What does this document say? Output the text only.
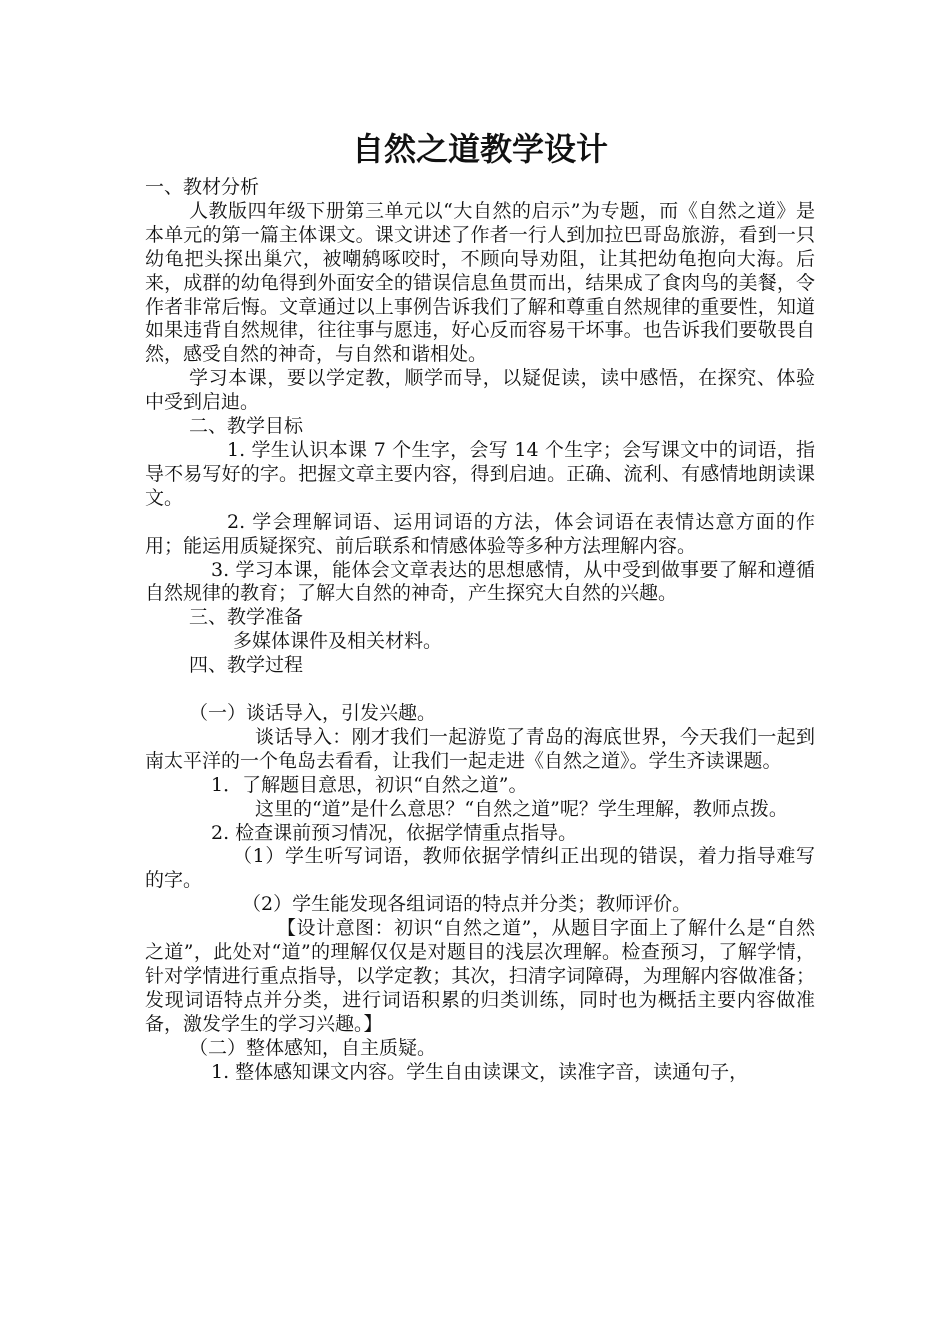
自然之道教学设计

一、教材分析

人教版四年级下册第三单元以“大自然的启示”为专题，而《自然之道》是本单元的第一篇主体课文。课文讲述了作者一行人到加拉巴哥岛旅游，看到一只幼龟把头探出巢穴，被嘲鸫啄咬时，不顾向导劝阻，让其把幼龟抱向大海。后来，成群的幼龟得到外面安全的错误信息鱼贯而出，结果成了食肉鸟的美餐，令作者非常后悔。文章通过以上事例告诉我们了解和尊重自然规律的重要性，知道如果违背自然规律，往往事与愿违，好心反而容易干坏事。也告诉我们要敬畏自然，感受自然的神奇，与自然和谐相处。

学习本课，要以学定教，顺学而导，以疑促读，读中感悟，在探究、体验中受到启迪。

二、教学目标

1. 学生认识本课 7 个生字，会写 14 个生字；会写课文中的词语，指导不易写好的字。把握文章主要内容，得到启迪。正确、流利、有感情地朗读课文。

2. 学会理解词语、运用词语的方法，体会词语在表情达意方面的作用；能运用质疑探究、前后联系和情感体验等多种方法理解内容。

3. 学习本课，能体会文章表达的思想感情，从中受到做事要了解和遵循自然规律的教育；了解大自然的神奇，产生探究大自然的兴趣。

三、教学准备

多媒体课件及相关材料。

四、教学过程

（一）谈话导入，引发兴趣。

谈话导入：刚才我们一起游览了青岛的海底世界，今天我们一起到南太平洋的一个龟岛去看看，让我们一起走进《自然之道》。学生齐读课题。

1．了解题目意思，初识“自然之道”。

这里的“道”是什么意思？“自然之道”呢？学生理解，教师点拨。

2. 检查课前预习情况，依据学情重点指导。

（1）学生听写词语，教师依据学情纠正出现的错误，着力指导难写的字。

（2）学生能发现各组词语的特点并分类；教师评价。

【设计意图：初识“自然之道”，从题目字面上了解什么是“自然之道”，此处对“道”的理解仅仅是对题目的浅层次理解。检查预习，了解学情，针对学情进行重点指导，以学定教；其次，扫清字词障碍，为理解内容做准备；发现词语特点并分类，进行词语积累的归类训练，同时也为概括主要内容做准备，激发学生的学习兴趣。】

（二）整体感知，自主质疑。

1. 整体感知课文内容。学生自由读课文，读准字音，读通句子，
